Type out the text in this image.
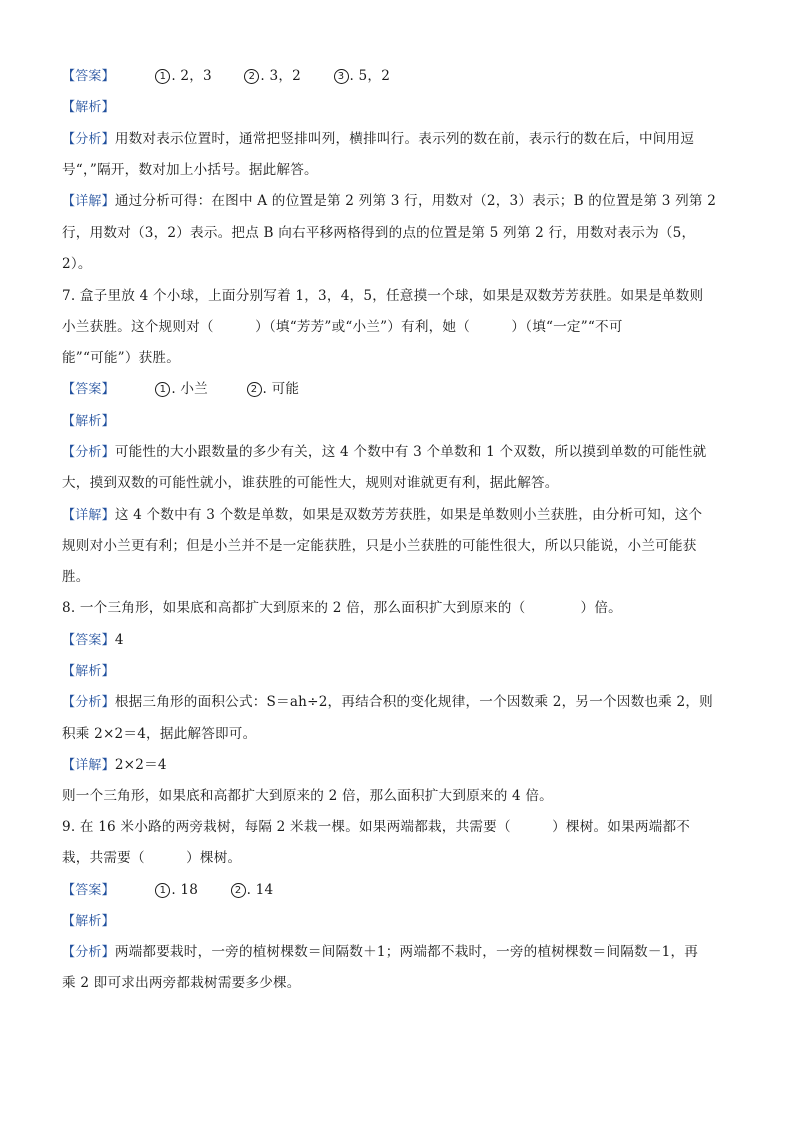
【答案】	1 . 2，3	2 . 3，2	3 . 5，2
【解析】
【分析】用数对表示位置时，通常把竖排叫列，横排叫行。表示列的数在前，表示行的数在后，中间用逗
号“，”隔开，数对加上小括号。据此解答。
【详解】通过分析可得：在图中 A 的位置是第 2 列第 3 行，用数对（2，3）表示；B 的位置是第 3 列第 2
行，用数对（3，2）表示。把点 B 向右平移两格得到的点的位置是第 5 列第 2 行，用数对表示为（5，
2）。
7. 盒子里放 4 个小球，上面分别写着 1，3，4，5，任意摸一个球，如果是双数芳芳获胜。如果是单数则
小兰获胜。这个规则对（　　　）（填“芳芳”或“小兰”）有利，她（　　　）（填“一定”“不可
能”“可能”）获胜。
【答案】	1 . 小兰	2 . 可能
【解析】
【分析】可能性的大小跟数量的多少有关，这 4 个数中有 3 个单数和 1 个双数，所以摸到单数的可能性就
大，摸到双数的可能性就小，谁获胜的可能性大，规则对谁就更有利，据此解答。
【详解】这 4 个数中有 3 个数是单数，如果是双数芳芳获胜，如果是单数则小兰获胜，由分析可知，这个
规则对小兰更有利；但是小兰并不是一定能获胜，只是小兰获胜的可能性很大，所以只能说，小兰可能获
胜。
8. 一个三角形，如果底和高都扩大到原来的 2 倍，那么面积扩大到原来的（　　　　）倍。
【答案】4
【解析】
【分析】根据三角形的面积公式：S＝ah÷2，再结合积的变化规律，一个因数乘 2，另一个因数也乘 2，则
积乘 2×2＝4，据此解答即可。
【详解】2×2＝4
则一个三角形，如果底和高都扩大到原来的 2 倍，那么面积扩大到原来的 4 倍。
9. 在 16 米小路的两旁栽树，每隔 2 米栽一棵。如果两端都栽，共需要（　　　）棵树。如果两端都不
栽，共需要（　　　）棵树。
【答案】	1 . 18	2 . 14
【解析】
【分析】两端都要栽时，一旁的植树棵数＝间隔数＋1；两端都不栽时，一旁的植树棵数＝间隔数－1，再
乘 2 即可求出两旁都栽树需要多少棵。
